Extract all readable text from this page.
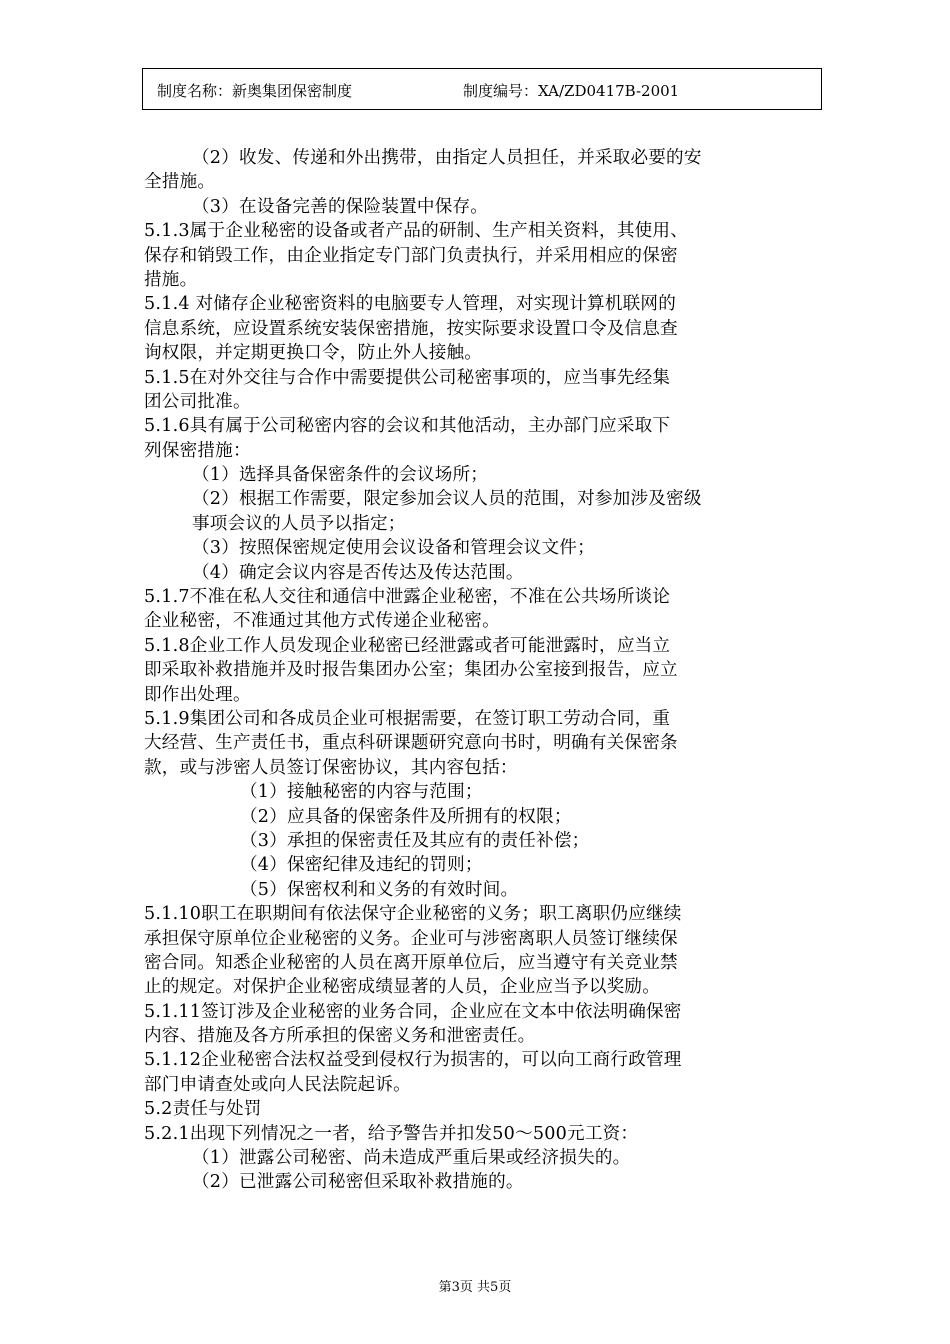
制度名称：新奥集团保密制度	制度编号：XA/ZD0417B-2001
（2）收发、传递和外出携带，由指定人员担任，并采取必要的安
全措施。
（3）在设备完善的保险装置中保存。
5.1.3属于企业秘密的设备或者产品的研制、生产相关资料，其使用、
保存和销毁工作，由企业指定专门部门负责执行，并采用相应的保密
措施。
5.1.4 对储存企业秘密资料的电脑要专人管理，对实现计算机联网的
信息系统，应设置系统安装保密措施，按实际要求设置口令及信息查
询权限，并定期更换口令，防止外人接触。
5.1.5在对外交往与合作中需要提供公司秘密事项的，应当事先经集
团公司批准。
5.1.6具有属于公司秘密内容的会议和其他活动，主办部门应采取下
列保密措施：
（1）选择具备保密条件的会议场所；
（2）根据工作需要，限定参加会议人员的范围，对参加涉及密级
事项会议的人员予以指定；
（3）按照保密规定使用会议设备和管理会议文件；
（4）确定会议内容是否传达及传达范围。
5.1.7不准在私人交往和通信中泄露企业秘密，不准在公共场所谈论
企业秘密，不准通过其他方式传递企业秘密。
5.1.8企业工作人员发现企业秘密已经泄露或者可能泄露时，应当立
即采取补救措施并及时报告集团办公室；集团办公室接到报告，应立
即作出处理。
5.1.9集团公司和各成员企业可根据需要，在签订职工劳动合同，重
大经营、生产责任书，重点科研课题研究意向书时，明确有关保密条
款，或与涉密人员签订保密协议，其内容包括：
（1）接触秘密的内容与范围；
（2）应具备的保密条件及所拥有的权限；
（3）承担的保密责任及其应有的责任补偿；
（4）保密纪律及违纪的罚则；
（5）保密权利和义务的有效时间。
5.1.10职工在职期间有依法保守企业秘密的义务；职工离职仍应继续
承担保守原单位企业秘密的义务。企业可与涉密离职人员签订继续保
密合同。知悉企业秘密的人员在离开原单位后，应当遵守有关竞业禁
止的规定。对保护企业秘密成绩显著的人员，企业应当予以奖励。
5.1.11签订涉及企业秘密的业务合同，企业应在文本中依法明确保密
内容、措施及各方所承担的保密义务和泄密责任。
5.1.12企业秘密合法权益受到侵权行为损害的，可以向工商行政管理
部门申请查处或向人民法院起诉。
5.2责任与处罚
5.2.1出现下列情况之一者，给予警告并扣发50～500元工资：
（1）泄露公司秘密、尚未造成严重后果或经济损失的。
（2）已泄露公司秘密但采取补救措施的。
第3页 共5页
